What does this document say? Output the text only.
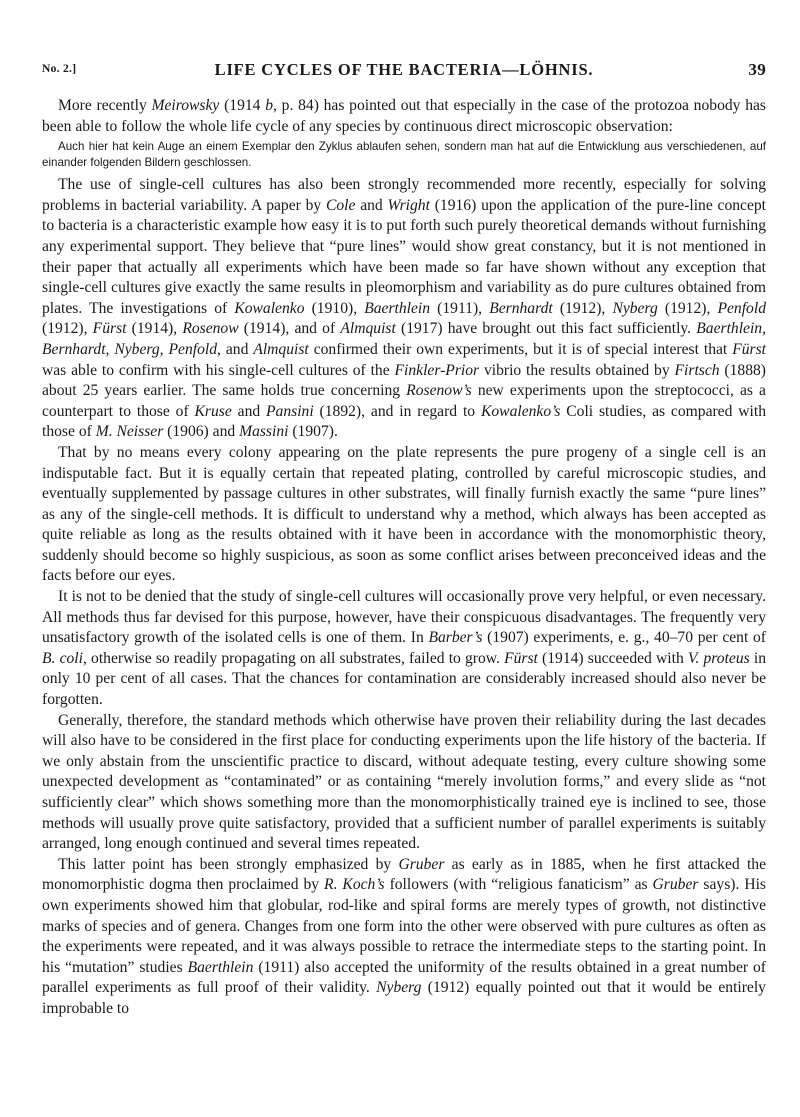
No. 2.]	LIFE CYCLES OF THE BACTERIA—LÖHNIS.	39

More recently Meirowsky (1914 b, p. 84) has pointed out that especially in the case of the protozoa nobody has been able to follow the whole life cycle of any species by continuous direct microscopic observation:

Auch hier hat kein Auge an einem Exemplar den Zyklus ablaufen sehen, sondern man hat auf die Entwicklung aus verschiedenen, auf einander folgenden Bildern geschlossen.

The use of single-cell cultures has also been strongly recommended more recently, especially for solving problems in bacterial variability. A paper by Cole and Wright (1916) upon the application of the pure-line concept to bacteria is a characteristic example how easy it is to put forth such purely theoretical demands without furnishing any experimental support. They believe that “pure lines” would show great constancy, but it is not mentioned in their paper that actually all experiments which have been made so far have shown without any exception that single-cell cultures give exactly the same results in pleomorphism and variability as do pure cultures obtained from plates. The investigations of Kowalenko (1910), Baerthlein (1911), Bernhardt (1912), Nyberg (1912), Penfold (1912), Fürst (1914), Rosenow (1914), and of Almquist (1917) have brought out this fact sufficiently. Baerthlein, Bernhardt, Nyberg, Penfold, and Almquist confirmed their own experiments, but it is of special interest that Fürst was able to confirm with his single-cell cultures of the Finkler-Prior vibrio the results obtained by Firtsch (1888) about 25 years earlier. The same holds true concerning Rosenow’s new experiments upon the streptococci, as a counterpart to those of Kruse and Pansini (1892), and in regard to Kowalenko’s Coli studies, as compared with those of M. Neisser (1906) and Massini (1907).

That by no means every colony appearing on the plate represents the pure progeny of a single cell is an indisputable fact. But it is equally certain that repeated plating, controlled by careful microscopic studies, and eventually supplemented by passage cultures in other substrates, will finally furnish exactly the same “pure lines” as any of the single-cell methods. It is difficult to understand why a method, which always has been accepted as quite reliable as long as the results obtained with it have been in accordance with the monomorphistic theory, suddenly should become so highly suspicious, as soon as some conflict arises between preconceived ideas and the facts before our eyes.

It is not to be denied that the study of single-cell cultures will occasionally prove very helpful, or even necessary. All methods thus far devised for this purpose, however, have their conspicuous disadvantages. The frequently very unsatisfactory growth of the isolated cells is one of them. In Barber’s (1907) experiments, e. g., 40–70 per cent of B. coli, otherwise so readily propagating on all substrates, failed to grow. Fürst (1914) succeeded with V. proteus in only 10 per cent of all cases. That the chances for contamination are considerably increased should also never be forgotten.

Generally, therefore, the standard methods which otherwise have proven their reliability during the last decades will also have to be considered in the first place for conducting experiments upon the life history of the bacteria. If we only abstain from the unscientific practice to discard, without adequate testing, every culture showing some unexpected development as “contaminated” or as containing “merely involution forms,” and every slide as “not sufficiently clear” which shows something more than the monomorphistically trained eye is inclined to see, those methods will usually prove quite satisfactory, provided that a sufficient number of parallel experiments is suitably arranged, long enough continued and several times repeated.

This latter point has been strongly emphasized by Gruber as early as in 1885, when he first attacked the monomorphistic dogma then proclaimed by R. Koch’s followers (with “religious fanaticism” as Gruber says). His own experiments showed him that globular, rod-like and spiral forms are merely types of growth, not distinctive marks of species and of genera. Changes from one form into the other were observed with pure cultures as often as the experiments were repeated, and it was always possible to retrace the intermediate steps to the starting point. In his “mutation” studies Baerthlein (1911) also accepted the uniformity of the results obtained in a great number of parallel experiments as full proof of their validity. Nyberg (1912) equally pointed out that it would be entirely improbable to
